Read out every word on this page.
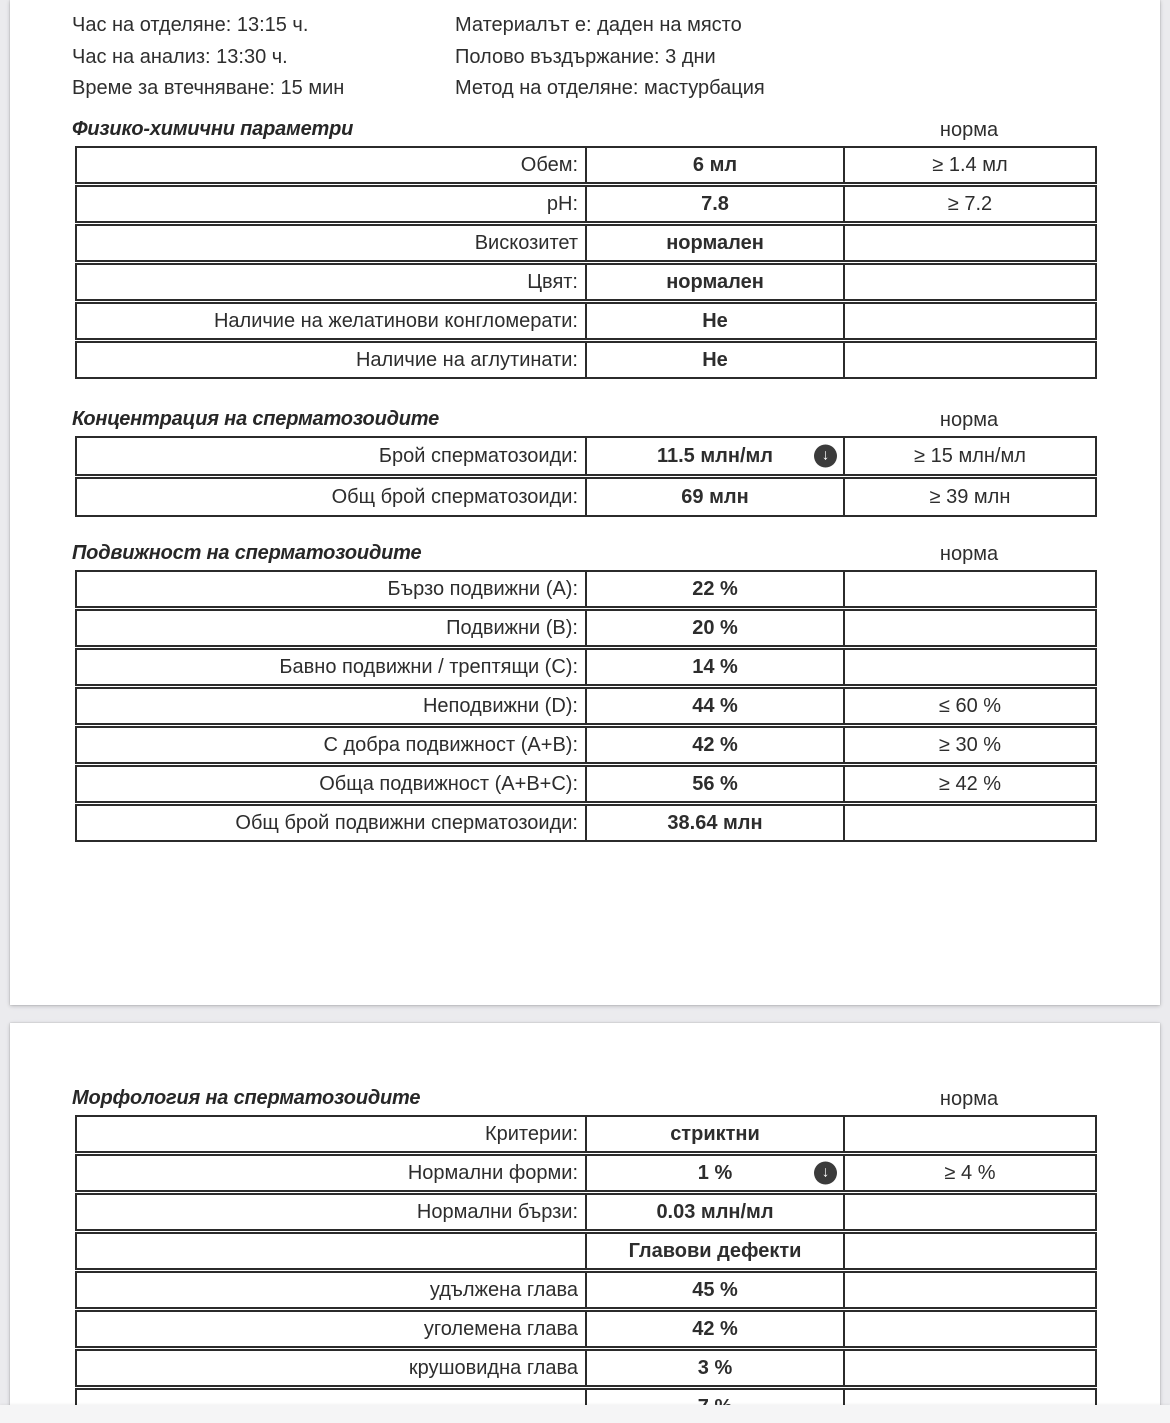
Час на отделяне: 13:15 ч.
Час на анализ: 13:30 ч.
Време за втечняване: 15 мин
Материалът е: даден на място
Полово въздържание: 3 дни
Метод на отделяне: мастурбация
Физико-химични параметри	норма
Обем:	6 мл	≥ 1.4 мл
pH:	7.8	≥ 7.2
Вискозитет	нормален	
Цвят:	нормален	
Наличие на желатинови конгломерати:	Не	
Наличие на аглутинати:	Не	
Концентрация на сперматозоидите	норма
Брой сперматозоиди:	11.5 млн/мл ↓	≥ 15 млн/мл
Общ брой сперматозоиди:	69 млн	≥ 39 млн
Подвижност на сперматозоидите	норма
Бързо подвижни (А):	22 %	
Подвижни (В):	20 %	
Бавно подвижни / трептящи (С):	14 %	
Неподвижни (D):	44 %	≤ 60 %
С добра подвижност (А+В):	42 %	≥ 30 %
Обща подвижност (А+В+С):	56 %	≥ 42 %
Общ брой подвижни сперматозоиди:	38.64 млн	
Морфология на сперматозоидите	норма
Критерии:	стриктни	
Нормални форми:	1 % ↓	≥ 4 %
Нормални бързи:	0.03 млн/мл	
	Главови дефекти	
удължена глава	45 %	
уголемена глава	42 %	
крушовидна глава	3 %	
